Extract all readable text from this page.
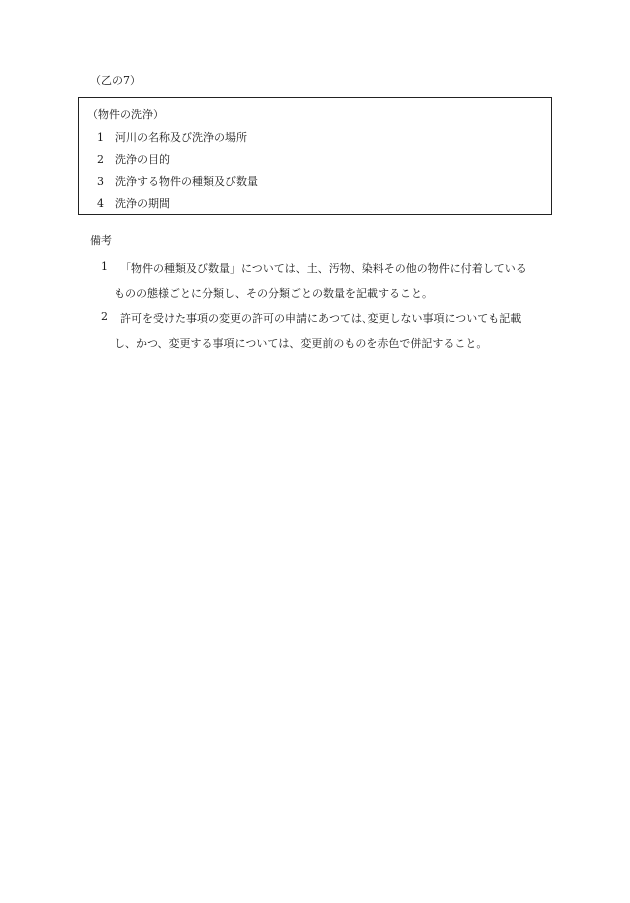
（乙の7）
（物件の洗浄）
1 河川の名称及び洗浄の場所
2 洗浄の目的
3 洗浄する物件の種類及び数量
4 洗浄の期間
備考
1 「物件の種類及び数量」については、土、汚物、染料その他の物件に付着している
ものの態様ごとに分類し、その分類ごとの数量を記載すること。
2 許可を受けた事項の変更の許可の申請にあつては､変更しない事項についても記載
し、かつ、変更する事項については、変更前のものを赤色で併記すること。
